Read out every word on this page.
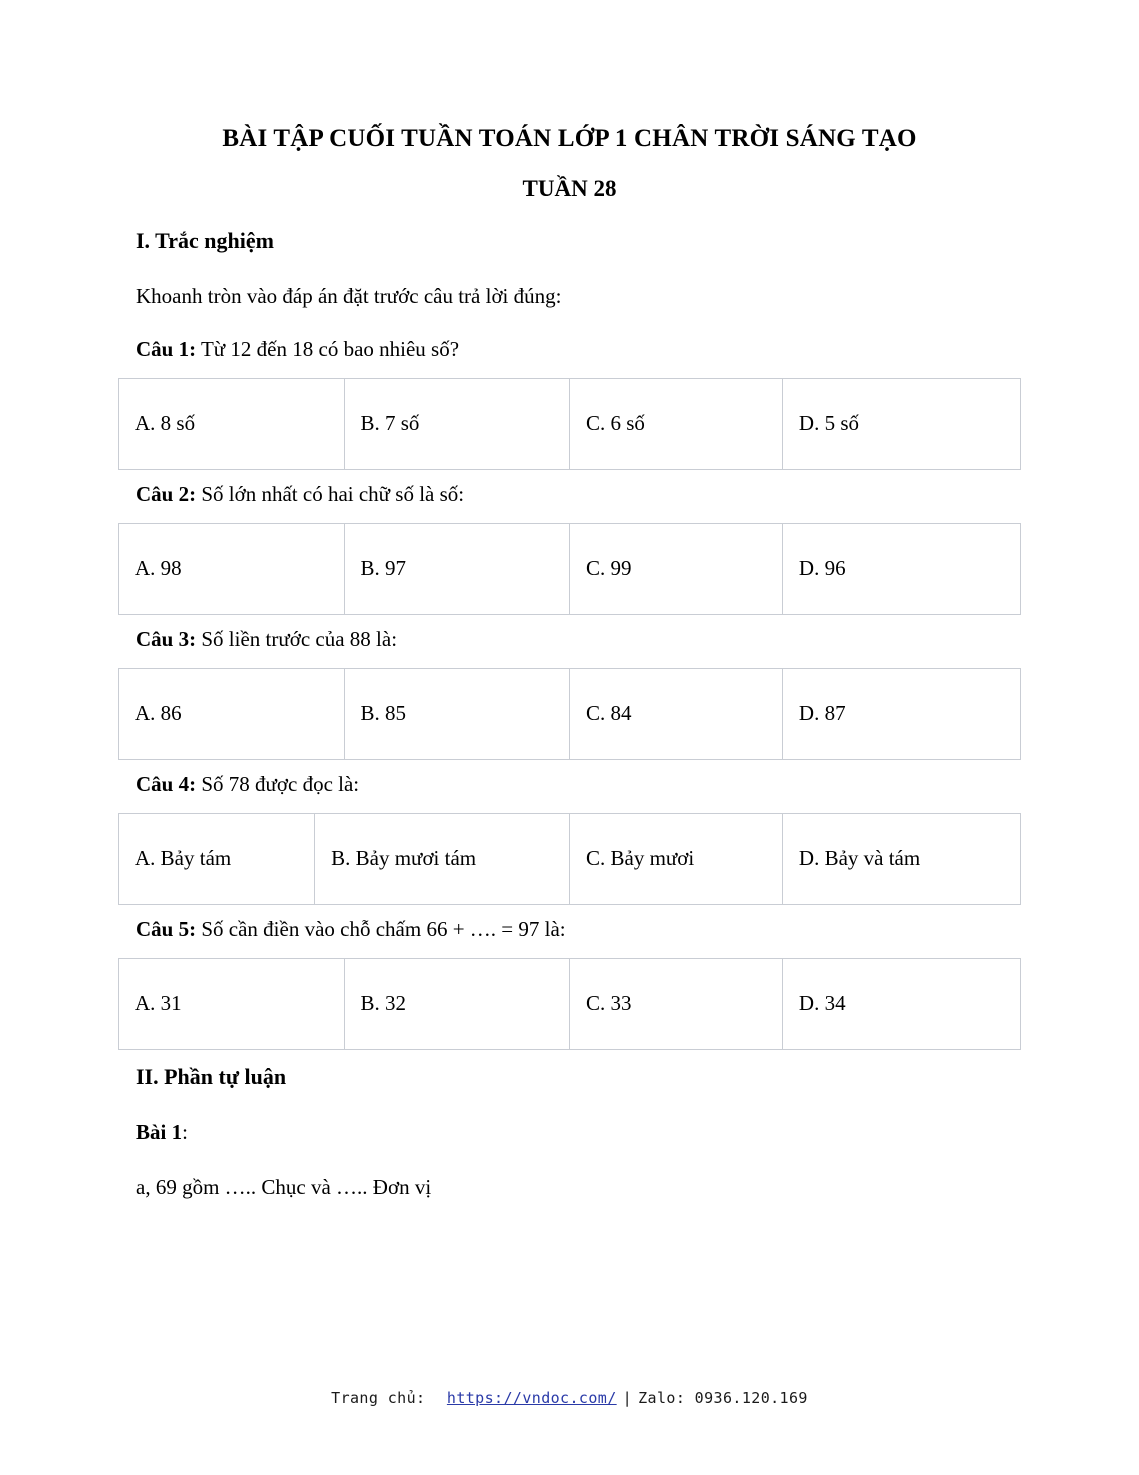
BÀI TẬP CUỐI TUẦN TOÁN LỚP 1 CHÂN TRỜI SÁNG TẠO
TUẦN 28
I. Trắc nghiệm
Khoanh tròn vào đáp án đặt trước câu trả lời đúng:
Câu 1: Từ 12 đến 18 có bao nhiêu số?
A. 8 số	B. 7 số	C. 6 số	D. 5 số
Câu 2: Số lớn nhất có hai chữ số là số:
A. 98	B. 97	C. 99	D. 96
Câu 3: Số liền trước của 88 là:
A. 86	B. 85	C. 84	D. 87
Câu 4: Số 78 được đọc là:
A. Bảy tám	B. Bảy mươi tám	C. Bảy mươi	D. Bảy và tám
Câu 5: Số cần điền vào chỗ chấm 66 + …. = 97 là:
A. 31	B. 32	C. 33	D. 34
II. Phần tự luận
Bài 1:
a, 69 gồm ….. Chục và ….. Đơn vị
Trang chủ: https://vndoc.com/ | Zalo: 0936.120.169
